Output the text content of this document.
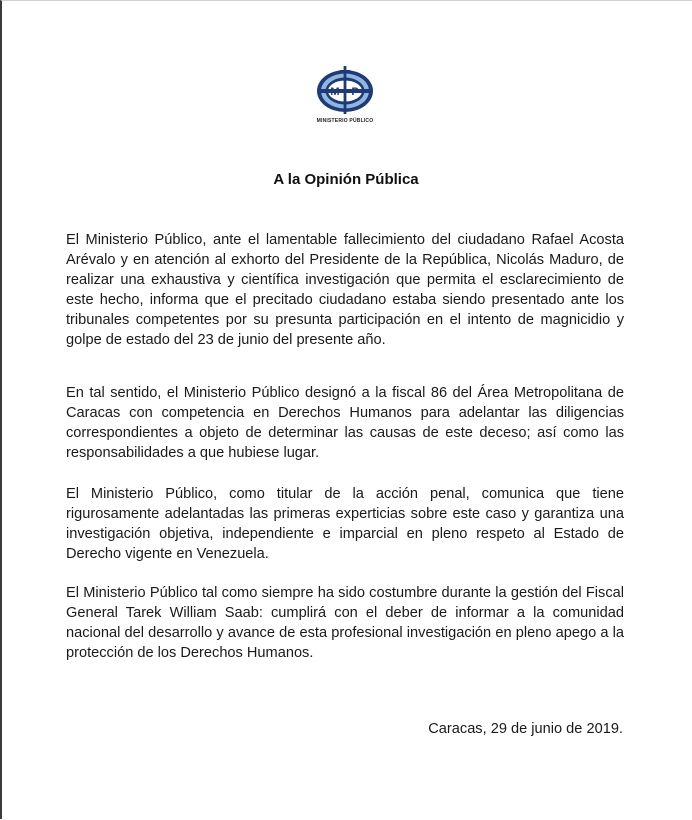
M P
MINISTERIO PÚBLICO
A la Opinión Pública
El Ministerio Público, ante el lamentable fallecimiento del ciudadano Rafael Acosta Arévalo y en atención al exhorto del Presidente de la República, Nicolás Maduro, de realizar una exhaustiva y científica investigación que permita el esclarecimiento de este hecho, informa que el precitado ciudadano estaba siendo presentado ante los tribunales competentes por su presunta participación en el intento de magnicidio y golpe de estado del 23 de junio del presente año.
En tal sentido, el Ministerio Público designó a la fiscal 86 del Área Metropolitana de Caracas con competencia en Derechos Humanos para adelantar las diligencias correspondientes a objeto de determinar las causas de este deceso; así como las responsabilidades a que hubiese lugar.
El Ministerio Público, como titular de la acción penal, comunica que tiene rigurosamente adelantadas las primeras experticias sobre este caso y garantiza una investigación objetiva, independiente e imparcial en pleno respeto al Estado de Derecho vigente en Venezuela.
El Ministerio Público tal como siempre ha sido costumbre durante la gestión del Fiscal General Tarek William Saab: cumplirá con el deber de informar a la comunidad nacional del desarrollo y avance de esta profesional investigación en pleno apego a la protección de los Derechos Humanos.
Caracas, 29 de junio de 2019.
